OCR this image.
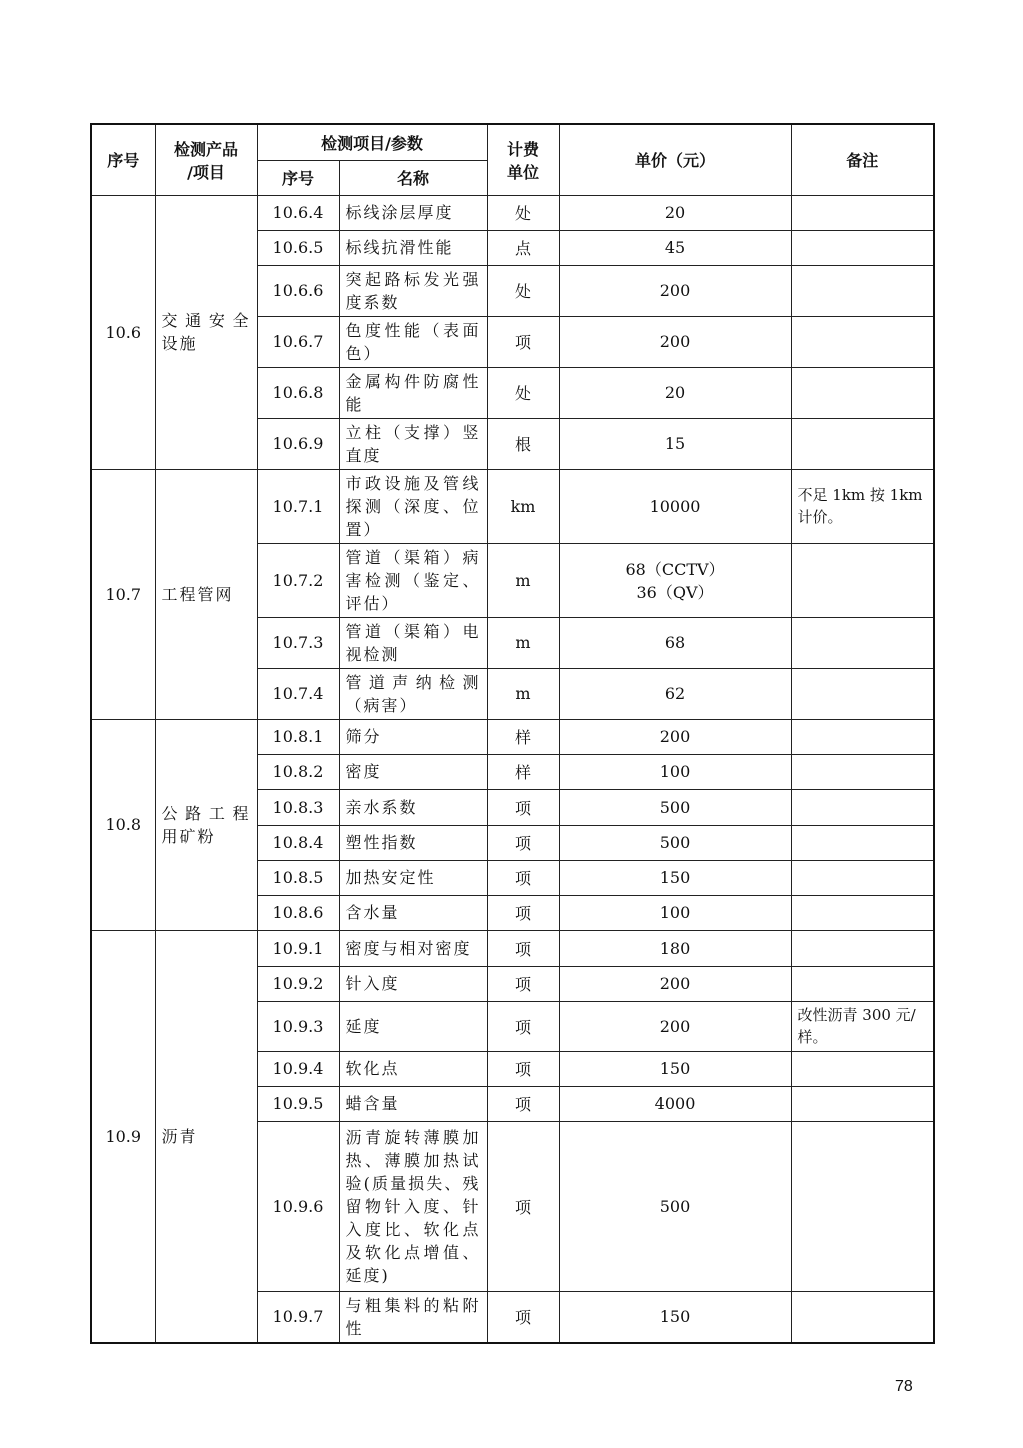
序号	检测产品
/项目	检测项目/参数		计费
单位	单价（元）	备注
		序号	名称			
10.6	交通安全设施	10.6.4	标线涂层厚度	处	20	
		10.6.5	标线抗滑性能	点	45	
		10.6.6	突起路标发光强度系数	处	200	
		10.6.7	色度性能（表面色）	项	200	
		10.6.8	金属构件防腐性能	处	20	
		10.6.9	立柱（支撑）竖直度	根	15	
10.7	工程管网	10.7.1	市政设施及管线探测（深度、位置）	km	10000	不足 1km 按 1km 计价。
		10.7.2	管道（渠箱）病害检测（鉴定、评估）	m	68（CCTV）
36（QV）	
		10.7.3	管道（渠箱）电视检测	m	68	
		10.7.4	管道声纳检测（病害）	m	62	
10.8	公路工程用矿粉	10.8.1	筛分	样	200	
		10.8.2	密度	样	100	
		10.8.3	亲水系数	项	500	
		10.8.4	塑性指数	项	500	
		10.8.5	加热安定性	项	150	
		10.8.6	含水量	项	100	
10.9	沥青	10.9.1	密度与相对密度	项	180	
		10.9.2	针入度	项	200	
		10.9.3	延度	项	200	改性沥青 300 元/样。
		10.9.4	软化点	项	150	
		10.9.5	蜡含量	项	4000	
		10.9.6	沥青旋转薄膜加热、薄膜加热试验(质量损失、残留物针入度、针入度比、软化点及软化点增值、延度)	项	500	
		10.9.7	与粗集料的粘附性	项	150	
78
